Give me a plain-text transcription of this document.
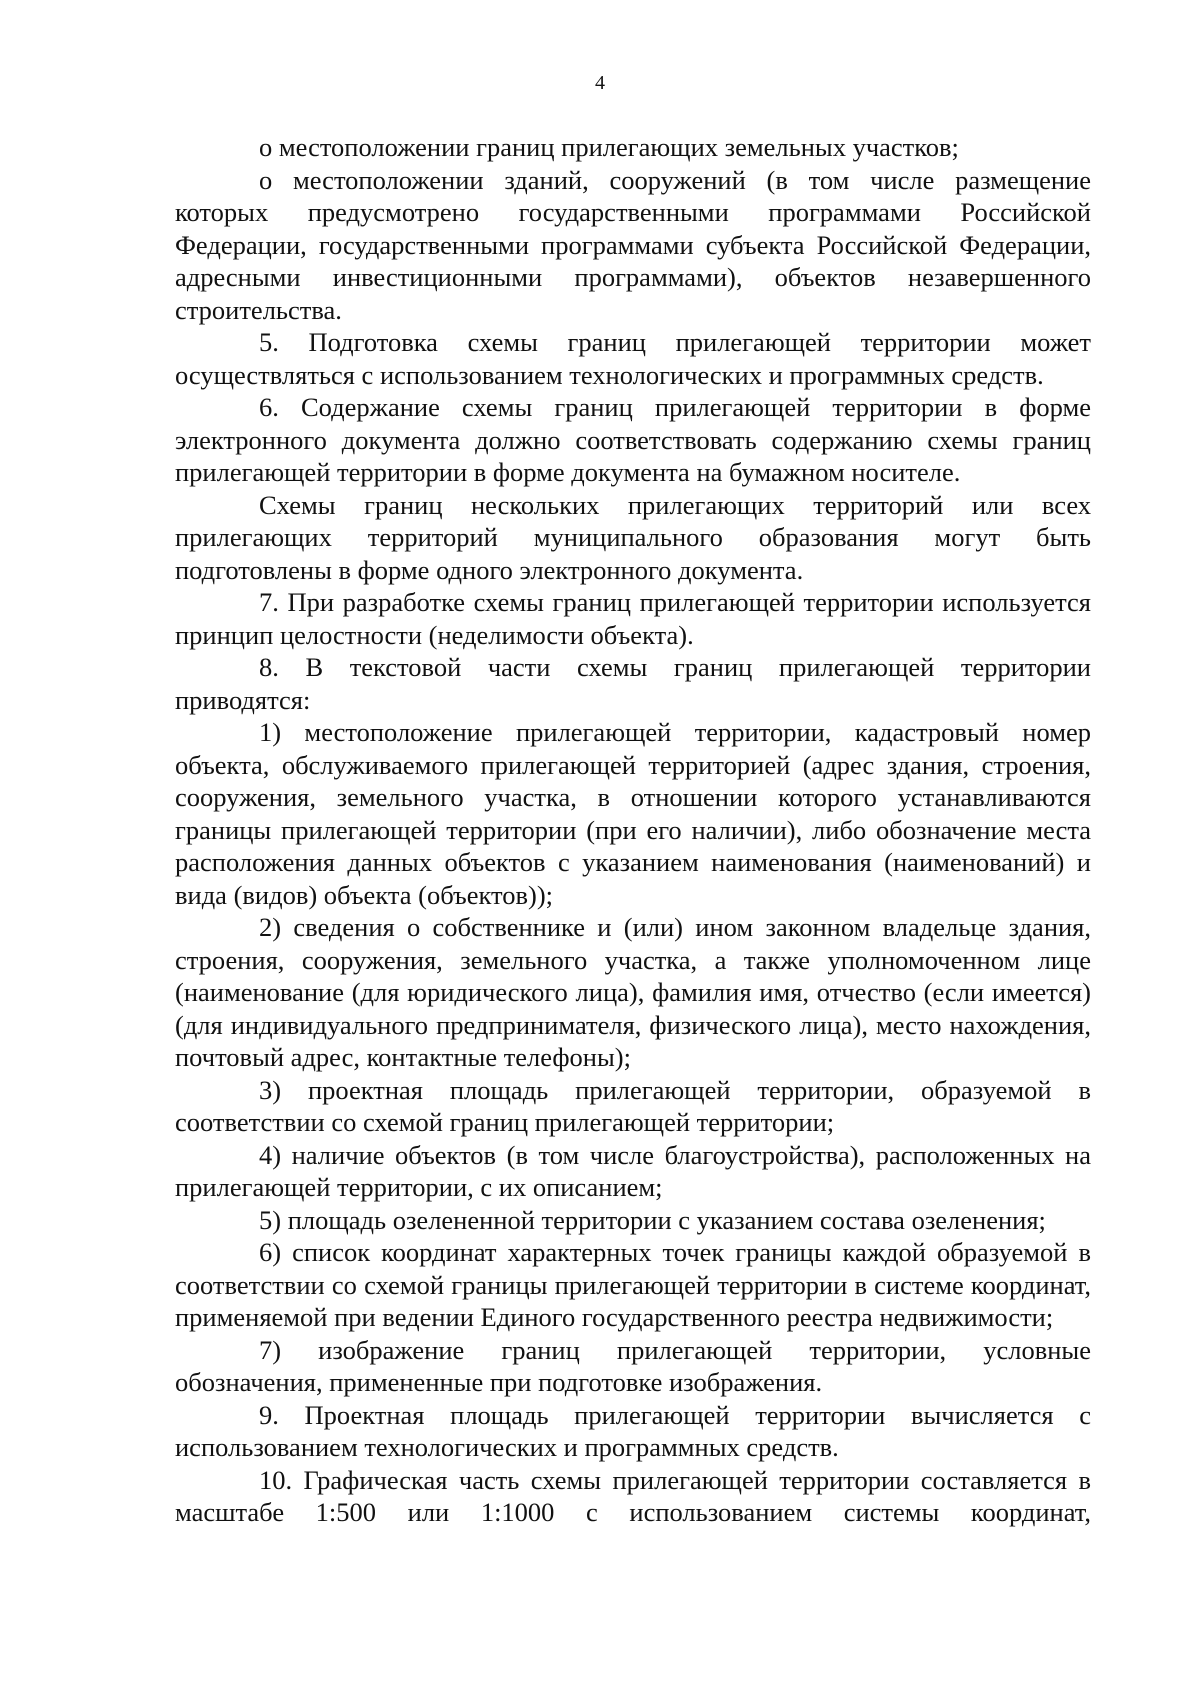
4

о местоположении границ прилегающих земельных участков;

о местоположении зданий, сооружений (в том числе размещение которых предусмотрено государственными программами Российской Федерации, государственными программами субъекта Российской Федерации, адресными инвестиционными программами), объектов незавершенного строительства.

5. Подготовка схемы границ прилегающей территории может осуществляться с использованием технологических и программных средств.

6. Содержание схемы границ прилегающей территории в форме электронного документа должно соответствовать содержанию схемы границ прилегающей территории в форме документа на бумажном носителе.

Схемы границ нескольких прилегающих территорий или всех прилегающих территорий муниципального образования могут быть подготовлены в форме одного электронного документа.

7. При разработке схемы границ прилегающей территории используется принцип целостности (неделимости объекта).

8. В текстовой части схемы границ прилегающей территории приводятся:

1) местоположение прилегающей территории, кадастровый номер объекта, обслуживаемого прилегающей территорией (адрес здания, строения, сооружения, земельного участка, в отношении которого устанавливаются границы прилегающей территории (при его наличии), либо обозначение места расположения данных объектов с указанием наименования (наименований) и вида (видов) объекта (объектов));

2) сведения о собственнике и (или) ином законном владельце здания, строения, сооружения, земельного участка, а также уполномоченном лице (наименование (для юридического лица), фамилия имя, отчество (если имеется) (для индивидуального предпринимателя, физического лица), место нахождения, почтовый адрес, контактные телефоны);

3) проектная площадь прилегающей территории, образуемой в соответствии со схемой границ прилегающей территории;

4) наличие объектов (в том числе благоустройства), расположенных на прилегающей территории, с их описанием;

5) площадь озелененной территории с указанием состава озеленения;

6) список координат характерных точек границы каждой образуемой в соответствии со схемой границы прилегающей территории в системе координат, применяемой при ведении Единого государственного реестра недвижимости;

7) изображение границ прилегающей территории, условные обозначения, примененные при подготовке изображения.

9. Проектная площадь прилегающей территории вычисляется с использованием технологических и программных средств.

10. Графическая часть схемы прилегающей территории составляется в масштабе 1:500 или 1:1000 с использованием системы координат,
